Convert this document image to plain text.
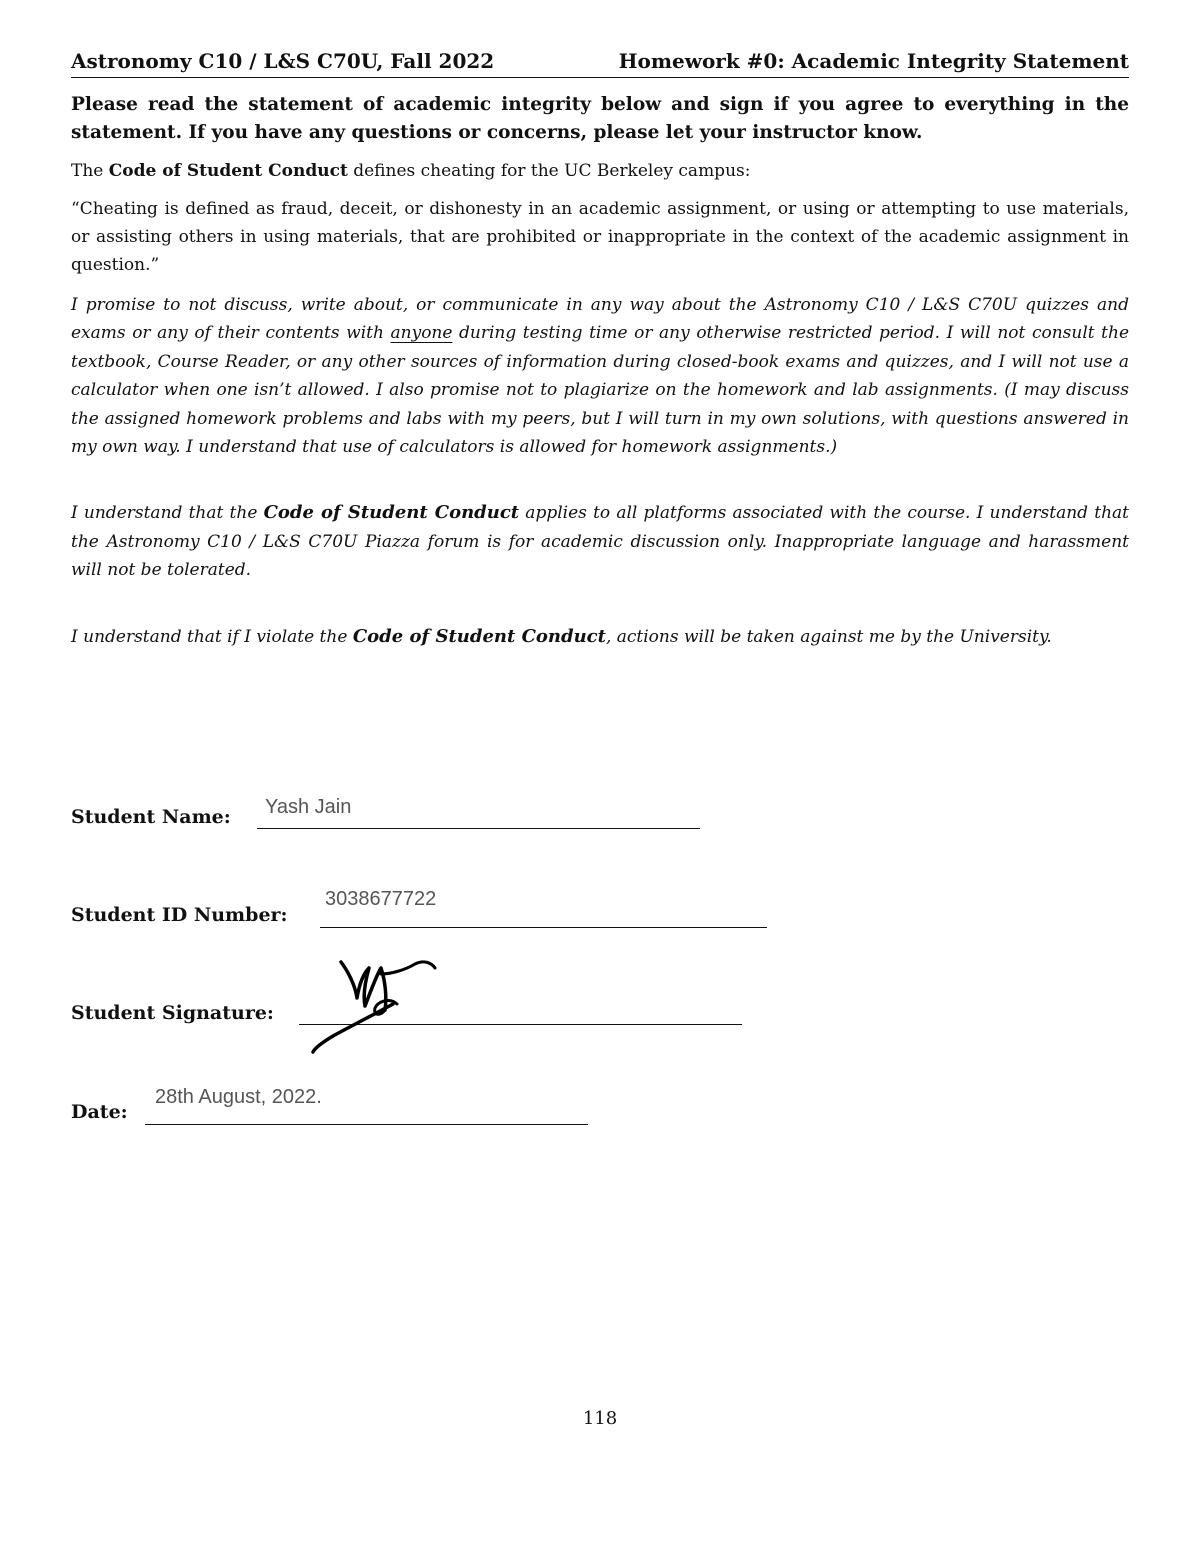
Astronomy C10 / L&S C70U, Fall 2022	Homework #0: Academic Integrity Statement
Please read the statement of academic integrity below and sign if you agree to everything in the statement. If you have any questions or concerns, please let your instructor know.
The Code of Student Conduct defines cheating for the UC Berkeley campus:
“Cheating is defined as fraud, deceit, or dishonesty in an academic assignment, or using or attempting to use materials, or assisting others in using materials, that are prohibited or inappropriate in the context of the academic assignment in question.”
I promise to not discuss, write about, or communicate in any way about the Astronomy C10 / L&S C70U quizzes and exams or any of their contents with anyone during testing time or any otherwise restricted period. I will not consult the textbook, Course Reader, or any other sources of information during closed-book exams and quizzes, and I will not use a calculator when one isn’t allowed. I also promise not to plagiarize on the homework and lab assignments. (I may discuss the assigned homework problems and labs with my peers, but I will turn in my own solutions, with questions answered in my own way. I understand that use of calculators is allowed for homework assignments.)
I understand that the Code of Student Conduct applies to all platforms associated with the course. I understand that the Astronomy C10 / L&S C70U Piazza forum is for academic discussion only. Inappropriate language and harassment will not be tolerated.
I understand that if I violate the Code of Student Conduct, actions will be taken against me by the University.
Student Name: Yash Jain
Student ID Number:
3038677722
Student Signature:
Date:
28th August, 2022.
118
